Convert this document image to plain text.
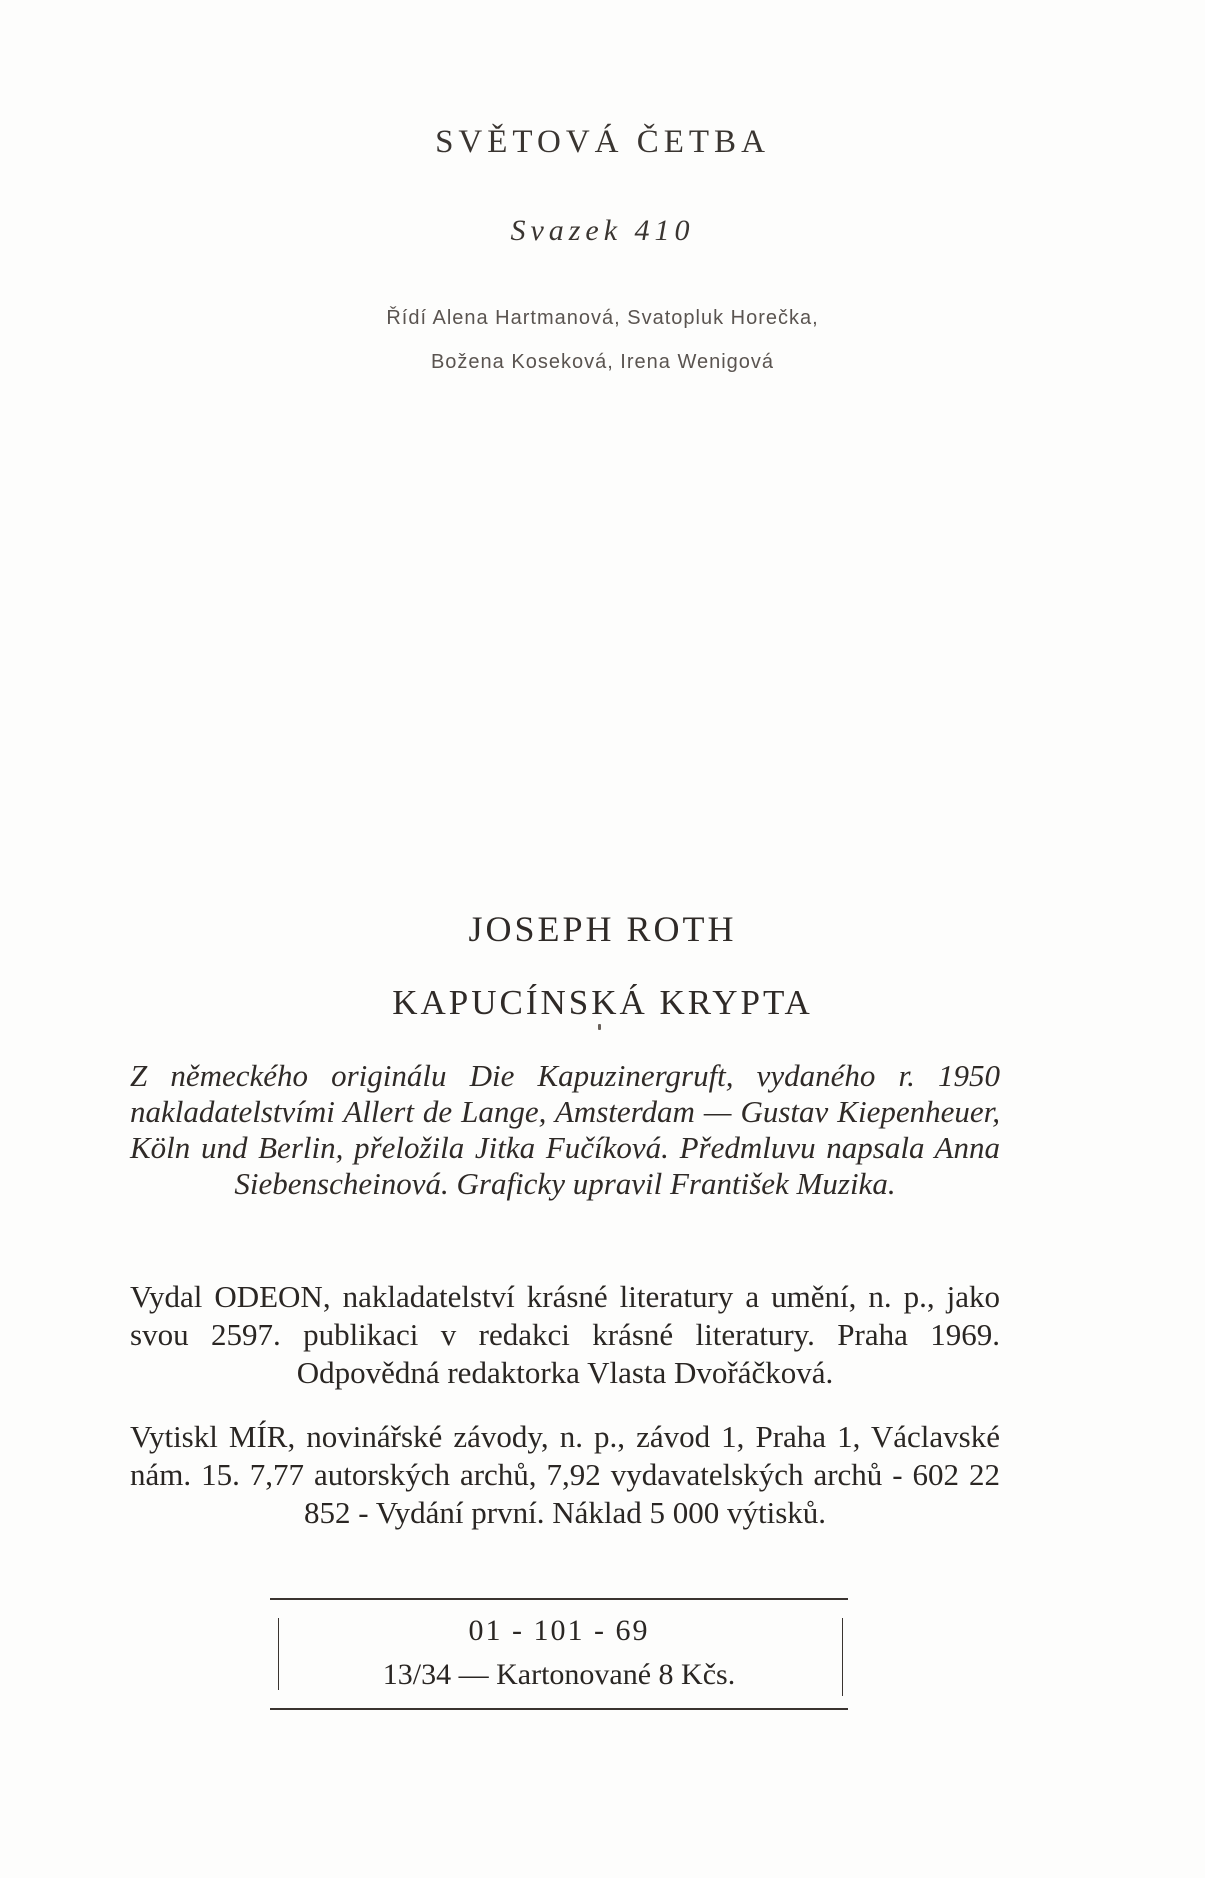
SVĚTOVÁ ČETBA
Svazek 410
Řídí Alena Hartmanová, Svatopluk Horečka,
Božena Koseková, Irena Wenigová
JOSEPH ROTH
KAPUCÍNSKÁ KRYPTA
Z německého originálu Die Kapuzinergruft, vydaného r. 1950 nakladatelstvími Allert de Lange, Amsterdam — Gustav Kiepenheuer, Köln und Berlin, přeložila Jitka Fučíková. Předmluvu napsala Anna Siebenscheinová. Graficky upravil František Muzika.
Vydal ODEON, nakladatelství krásné literatury a umění, n. p., jako svou 2597. publikaci v redakci krásné literatury. Praha 1969. Odpovědná redaktorka Vlasta Dvořáčková.
Vytiskl MÍR, novinářské závody, n. p., závod 1, Praha 1, Václavské nám. 15. 7,77 autorských archů, 7,92 vydavatelských archů - 602 22 852 - Vydání první. Náklad 5 000 výtisků.
01 - 101 - 69
13/34 — Kartonované 8 Kčs.
